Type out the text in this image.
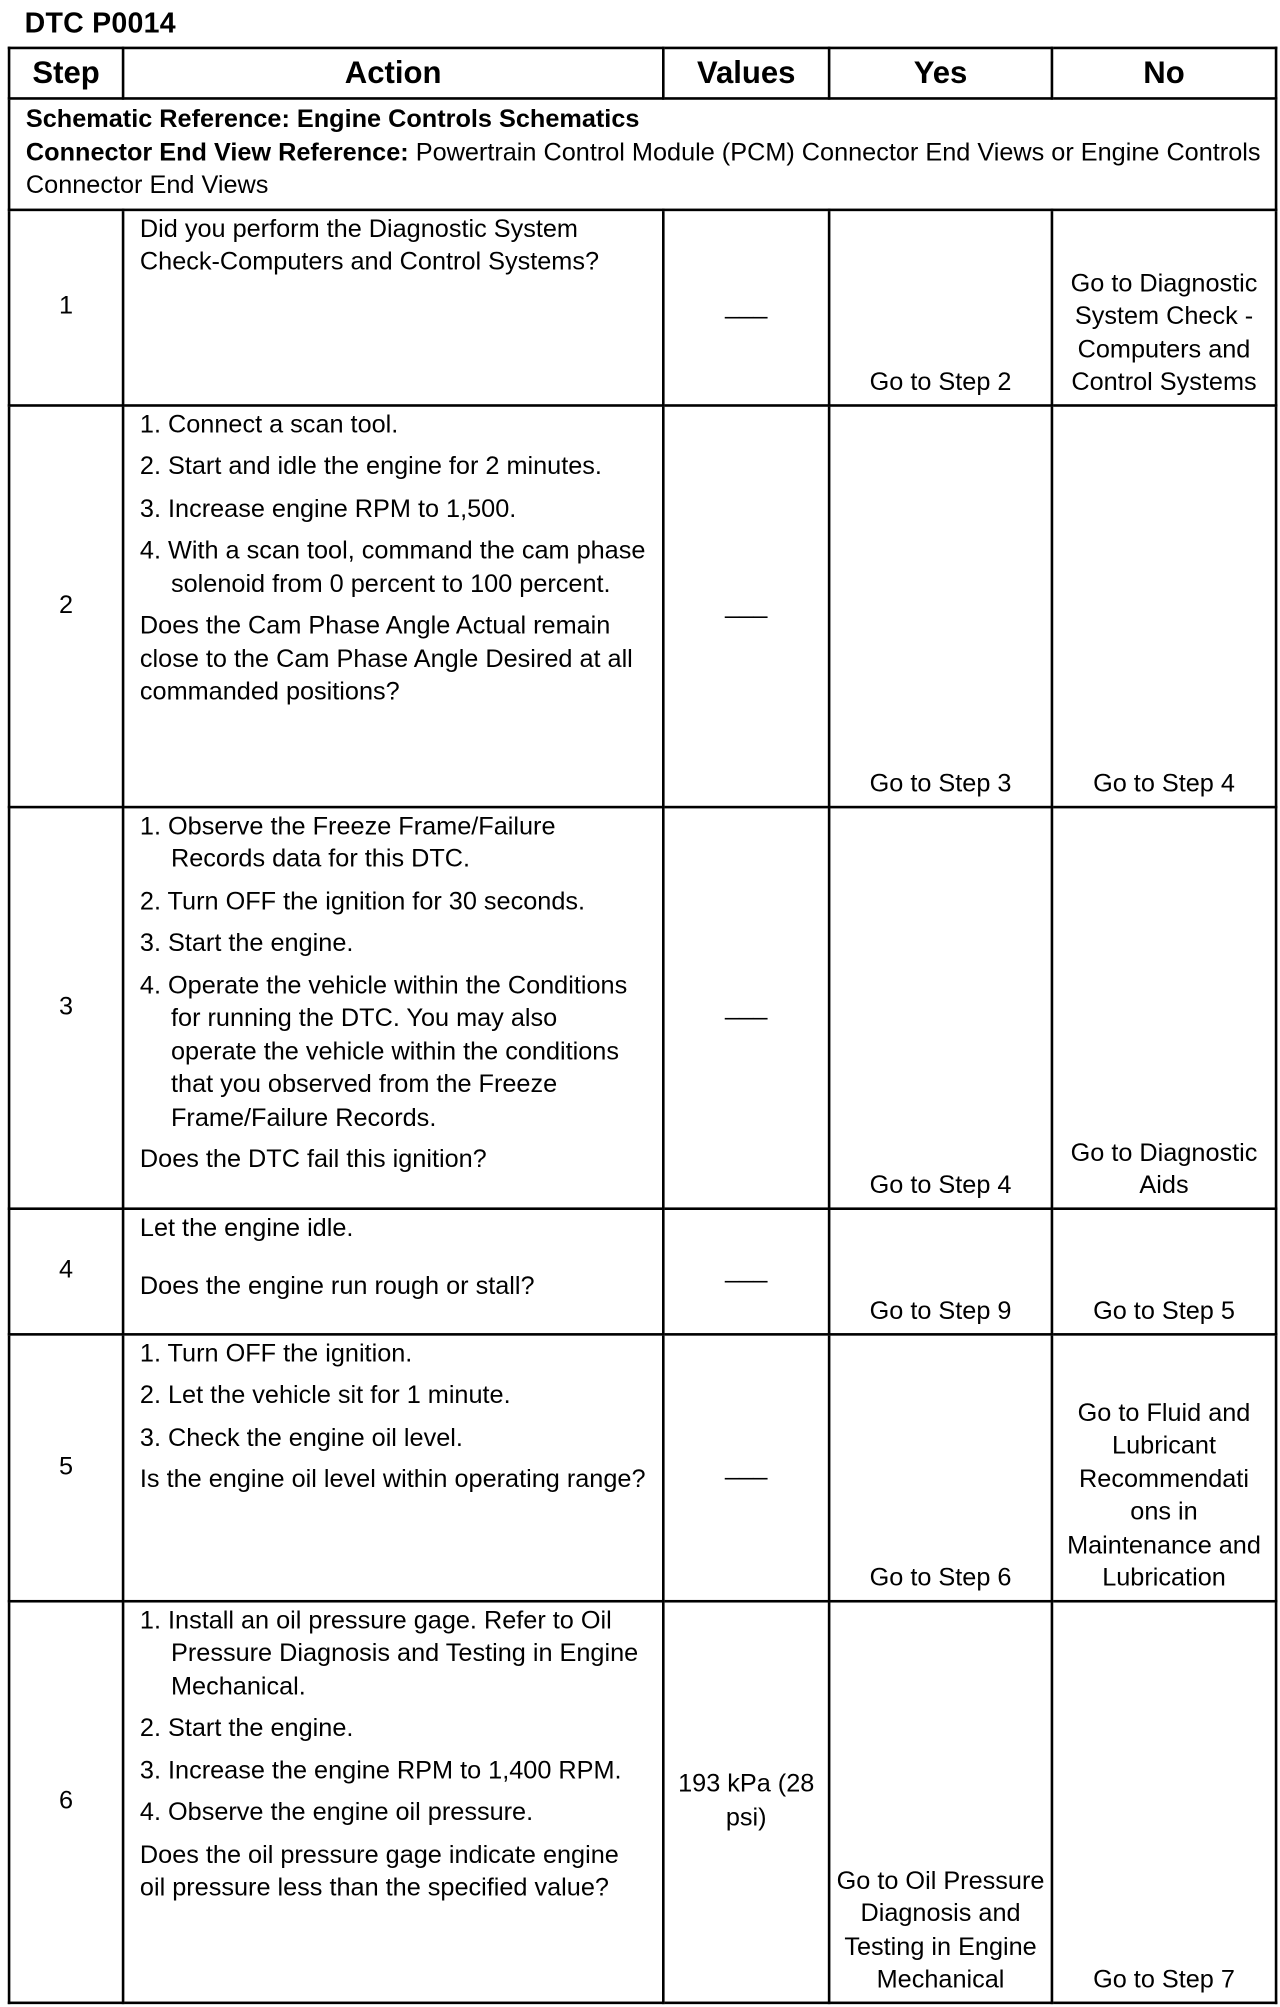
DTC P0014
Step	Action	Values	Yes	No

Schematic Reference: Engine Controls Schematics
Connector End View Reference: Powertrain Control Module (PCM) Connector End Views or Engine Controls Connector End Views				

1	Did you perform the Diagnostic System Check-Computers and Control Systems?	___	Go to Step 2	Go to Diagnostic System Check - Computers and Control Systems
2	1. Connect a scan tool.
2. Start and idle the engine for 2 minutes.
3. Increase engine RPM to 1,500.
4. With a scan tool, command the cam phase solenoid from 0 percent to 100 percent.

Does the Cam Phase Angle Actual remain close to the Cam Phase Angle Desired at all commanded positions?	___	Go to Step 3	Go to Step 4
3	1. Observe the Freeze Frame/Failure Records data for this DTC.
2. Turn OFF the ignition for 30 seconds.
3. Start the engine.
4. Operate the vehicle within the Conditions for running the DTC. You may also operate the vehicle within the conditions that you observed from the Freeze Frame/Failure Records.

Does the DTC fail this ignition?	___	Go to Step 4	Go to Diagnostic Aids
4	Let the engine idle.

Does the engine run rough or stall?	___	Go to Step 9	Go to Step 5
5	1. Turn OFF the ignition.
2. Let the vehicle sit for 1 minute.
3. Check the engine oil level.

Is the engine oil level within operating range?	___	Go to Step 6	Go to Fluid and Lubricant Recommendati ons in Maintenance and Lubrication
6	1. Install an oil pressure gage. Refer to Oil Pressure Diagnosis and Testing in Engine Mechanical.
2. Start the engine.
3. Increase the engine RPM to 1,400 RPM.
4. Observe the engine oil pressure.

Does the oil pressure gage indicate engine oil pressure less than the specified value?	193 kPa (28 psi)	Go to Oil Pressure Diagnosis and Testing in Engine Mechanical	Go to Step 7
